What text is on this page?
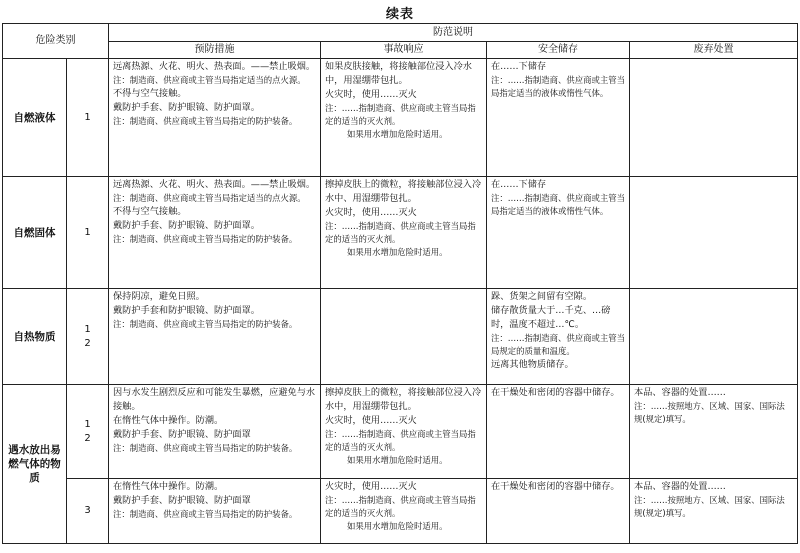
续表
危险类别		防范说明			
		预防措施	事故响应	安全储存	废弃处置
自燃液体	1	远离热源、火花、明火、热表面。——禁止吸烟。
注：制造商、供应商或主管当局指定适当的点火源。
不得与空气接触。
戴防护手套、防护眼镜、防护面罩。
注：制造商、供应商或主管当局指定的防护装备。	如果皮肤接触，将接触部位浸入冷水中，用湿绷带包扎。
火灾时，使用……灭火
注：……指制造商、供应商或主管当局指定的适当的灭火剂。
如果用水增加危险时适用。	在……下储存
注：……指制造商、供应商或主管当局指定适当的液体或惰性气体。	

自燃固体	1	远离热源、火花、明火、热表面。——禁止吸烟。
注：制造商、供应商或主管当局指定适当的点火源。
不得与空气接触。
戴防护手套、防护眼镜、防护面罩。
注：制造商、供应商或主管当局指定的防护装备。	擦掉皮肤上的微粒，将接触部位浸入冷水中、用湿绷带包扎。
火灾时，使用……灭火
注：……指制造商、供应商或主管当局指定的适当的灭火剂。
如果用水增加危险时适用。	在……下储存
注：……指制造商、供应商或主管当局指定适当的液体或惰性气体。	

自热物质	1
2	保持阴凉，避免日照。
戴防护手套和防护眼镜、防护面罩。
注：制造商、供应商或主管当局指定的防护装备。		跺、货架之间留有空隙。
储存散货量大于…千克、…磅时，温度不超过…℃。
注：……指制造商、供应商或主管当局规定的质量和温度。
远离其他物质储存。	

遇水放出易燃气体的物质	1
2	因与水发生剧烈反应和可能发生暴燃，应避免与水接触。
在惰性气体中操作。防潮。
戴防护手套、防护眼镜、防护面罩
注：制造商、供应商或主管当局指定的防护装备。	擦掉皮肤上的微粒，将接触部位浸入冷水中，用湿绷带包扎。
火灾时，使用……灭火
注：……指制造商、供应商或主管当局指定的适当的灭火剂。
如果用水增加危险时适用。	在干燥处和密闭的容器中储存。	本品、容器的处置……
注：……按照地方、区域、国家、国际法规(规定)填写。

	3	在惰性气体中操作。防潮。
戴防护手套、防护眼镜、防护面罩
注：制造商、供应商或主管当局指定的防护装备。	火灾时，使用……灭火
注：……指制造商、供应商或主管当局指定的适当的灭火剂。
如果用水增加危险时适用。	在干燥处和密闭的容器中储存。	本品、容器的处置……
注：……按照地方、区域、国家、国际法规(规定)填写。
